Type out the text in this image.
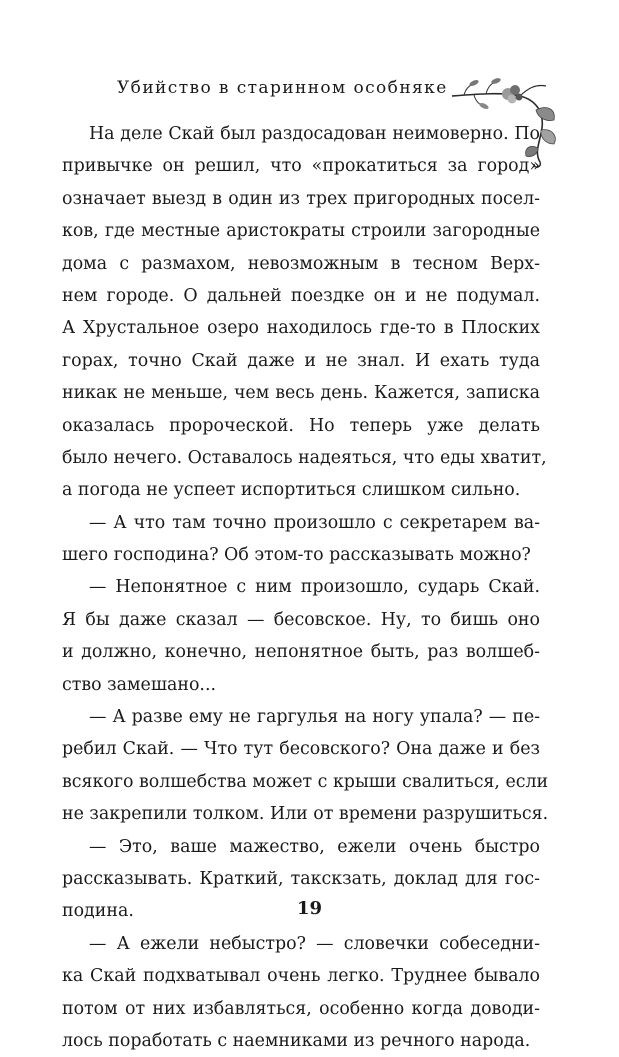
Убийство в старинном особняке
На деле Скай был раздосадован неимоверно. По
привычке он решил, что «прокатиться за город»
означает выезд в один из трех пригородных посел-
ков, где местные аристократы строили загородные
дома с размахом, невозможным в тесном Верх-
нем городе. О дальней поездке он и не подумал.
А Хрустальное озеро находилось где-то в Плоских
горах, точно Скай даже и не знал. И ехать туда
никак не меньше, чем весь день. Кажется, записка
оказалась пророческой. Но теперь уже делать
было нечего. Оставалось надеяться, что еды хватит,
а погода не успеет испортиться слишком сильно.
— А что там точно произошло с секретарем ва-
шего господина? Об этом-то рассказывать можно?
— Непонятное с ним произошло, сударь Скай.
Я бы даже сказал — бесовское. Ну, то бишь оно
и должно, конечно, непонятное быть, раз волшеб-
ство замешано...
— А разве ему не гаргулья на ногу упала? — пе-
ребил Скай. — Что тут бесовского? Она даже и без
всякого волшебства может с крыши свалиться, если
не закрепили толком. Или от времени разрушиться.
— Это, ваше мажество, ежели очень быстро
рассказывать. Краткий, такскзать, доклад для гос-
подина.
— А ежели небыстро? — словечки собеседни-
ка Скай подхватывал очень легко. Труднее бывало
потом от них избавляться, особенно когда доводи-
лось поработать с наемниками из речного народа.
19
